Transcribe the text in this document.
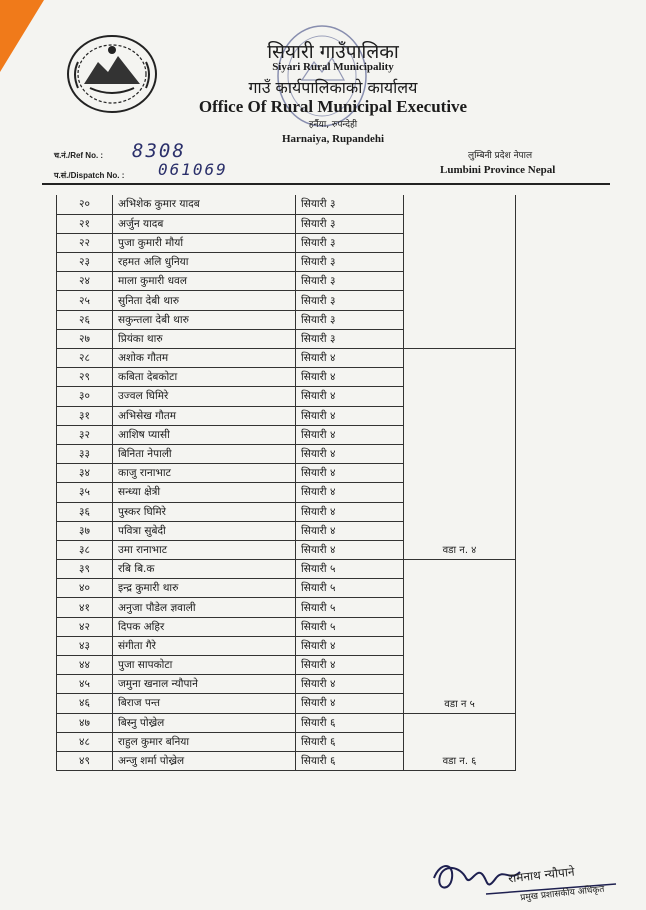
सियारी गाउँपालिका
Siyari Rural Municipality
गाउँ कार्यपालिकाको कार्यालय
Office Of Rural Municipal Executive
हर्नैया, रुपन्देही
Harnaiya, Rupandehi
च.नं./Ref No. : 8308
प.सं./Dispatch No. : 061069
लुम्बिनी प्रदेश नेपाल
Lumbini Province Nepal
२०	अभिशेक कुमार यादब	सियारी ३	
२१	अर्जुन यादब	सियारी ३	
२२	पुजा कुमारी मौर्या	सियारी ३	
२३	रहमत अलि धुनिया	सियारी ३	
२४	माला कुमारी धवल	सियारी ३	
२५	सुनिता देबी थारु	सियारी ३	
२६	सकुन्तला देबी थारु	सियारी ३	
२७	प्रियंका थारु	सियारी ३	
२८	अशोक गौतम	सियारी ४	वडा न. ४
२९	कबिता देबकोटा	सियारी ४	
३०	उज्वल घिमिरे	सियारी ४	
३१	अभिसेख गौतम	सियारी ४	
३२	आशिष प्यासी	सियारी ४	
३३	बिनिता नेपाली	सियारी ४	
३४	काजु रानाभाट	सियारी ४	
३५	सन्ध्या क्षेत्री	सियारी ४	
३६	पुस्कर घिमिरे	सियारी ४	
३७	पवित्रा सुबेदी	सियारी ४	
३८	उमा रानाभाट	सियारी ४	
३९	रबि बि.क	सियारी ५	वडा न ५
४०	इन्द्र कुमारी थारु	सियारी ५	
४१	अनुजा पौडेल ज्ञवाली	सियारी ५	
४२	दिपक अहिर	सियारी ५	
४३	संगीता गैरे	सियारी ४	
४४	पुजा सापकोटा	सियारी ४	
४५	जमुना खनाल न्यौपाने	सियारी ४	
४६	बिराज पन्त	सियारी ४	
४७	बिस्नु पोख्रेल	सियारी ६	वडा न. ६
४८	राहुल कुमार बनिया	सियारी ६	
४९	अन्जु शर्मा पोख्रेल	सियारी ६	
रामनाथ न्यौपाने
प्रमुख प्रशासकीय अधिकृत
